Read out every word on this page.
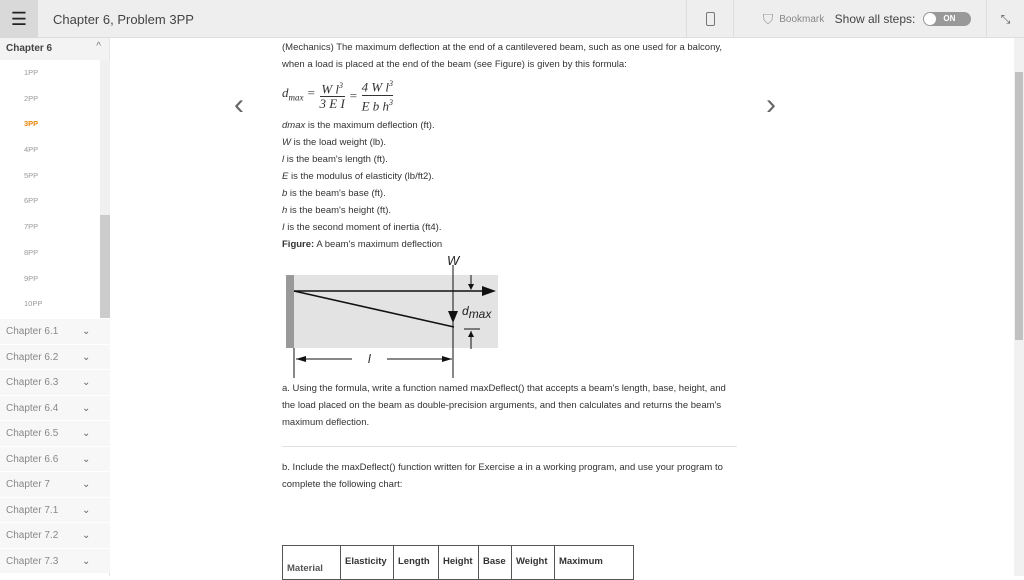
☰	Chapter 6, Problem 3PP	⛉ Bookmark Show all steps:	ON	⤡
Chapter 6	^
1PP
2PP
3PP
4PP
5PP
6PP
7PP
8PP
9PP
10PP
Chapter 6.1 ⌄
Chapter 6.2 ⌄
Chapter 6.3 ⌄
Chapter 6.4 ⌄
Chapter 6.5 ⌄
Chapter 6.6 ⌄
Chapter 7	⌄
Chapter 7.1 ⌄
Chapter 7.2 ⌄
Chapter 7.3 ⌄
‹	›

(Mechanics) The maximum deflection at the end of a cantilevered beam, such as one used for a balcony, when a load is placed at the end of the beam (see Figure) is given by this formula:

$d_{max} = \frac{W l^3}{\text{3 E I}} = \frac{4 W l^3}{E b h^3}$

dmax is the maximum deflection (ft).

W is the load weight (lb).

l is the beam's length (ft).

E is the modulus of elasticity (lb/ft2).

b is the beam's base (ft).

h is the beam's height (ft).

I is the second moment of inertia (ft4).

Figure: A beam's maximum deflection

W
dmax
l

a. Using the formula, write a function named maxDeflect() that accepts a beam's length, base, height, and the load placed on the beam as double-precision arguments, and then calculates and returns the beam's maximum deflection.

b. Include the maxDeflect() function written for Exercise a in a working program, and use your program to complete the following chart:

Material	Elasticity	Length	Height	Base	Weight	Maximum
